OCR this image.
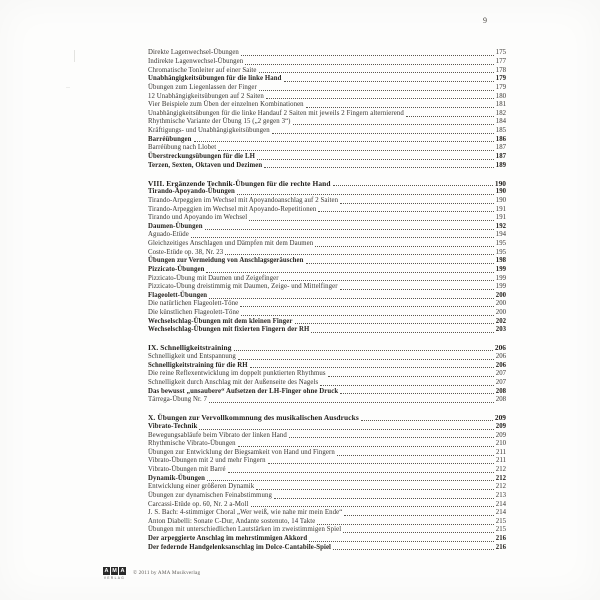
9
Direkte Lagenwechsel-Übungen	175
Indirekte Lagenwechsel-Übungen	177
Chromatische Tonleiter auf einer Saite	178
Unabhängigkeitsübungen für die linke Hand	179
Übungen zum Liegenlassen der Finger	179
12 Unabhängigkeitsübungen auf 2 Saiten	180
Vier Beispiele zum Üben der einzelnen Kombinationen	181
Unabhängigkeitsübungen für die linke Handauf 2 Saiten mit jeweils 2 Fingern alternierend	182
Rhythmische Variante der Übung 15 („2 gegen 3“)	184
Kräftigungs- und Unabhängigkeitsübungen	185
Barréübungen	186
Barréübung nach Llobet	187
Überstreckungsübungen für die LH	187
Terzen, Sexten, Oktaven und Dezimen	189
VIII. Ergänzende Technik-Übungen für die rechte Hand	190
Tirando-Apoyando-Übungen	190
Tirando-Arpeggien im Wechsel mit Apoyandoanschlag auf 2 Saiten	190
Tirando-Arpeggien im Wechsel mit Apoyando-Repetitionen	191
Tirando und Apoyando im Wechsel	191
Daumen-Übungen	192
Aguado-Etüde	194
Gleichzeitiges Anschlagen und Dämpfen mit dem Daumen	195
Coste-Etüde op. 38, Nr. 23	195
Übungen zur Vermeidung von Anschlagsgeräuschen	198
Pizzicato-Übungen	199
Pizzicato-Übung mit Daumen und Zeigefinger	199
Pizzicato-Übung dreistimmig mit Daumen, Zeige- und Mittelfinger	199
Flageolett-Übungen	200
Die natürlichen Flageolett-Töne	200
Die künstlichen Flageolett-Töne	200
Wechselschlag-Übungen mit dem kleinen Finger	202
Wechselschlag-Übungen mit fixierten Fingern der RH	203
IX. Schnelligkeitstraining	206
Schnelligkeit und Entspannung	206
Schnelligkeitstraining für die RH	206
Die reine Reflexentwicklung im doppelt punktierten Rhythmus	207
Schnelligkeit durch Anschlag mit der Außenseite des Nagels	207
Das bewusst „unsaubere“ Aufsetzen der LH-Finger ohne Druck	208
Tárrega-Übung Nr. 7	208
X. Übungen zur Vervollkommnung des musikalischen Ausdrucks	209
Vibrato-Technik	209
Bewegungsabläufe beim Vibrato der linken Hand	209
Rhythmische Vibrato-Übungen	210
Übungen zur Entwicklung der Biegsamkeit von Hand und Fingern	211
Vibrato-Übungen mit 2 und mehr Fingern	211
Vibrato-Übungen mit Barré	212
Dynamik-Übungen	212
Entwicklung einer größeren Dynamik	212
Übungen zur dynamischen Feinabstimmung	213
Carcassi-Etüde op. 60, Nr. 2 a-Moll	214
J. S. Bach: 4-stimmiger Choral „Wer weiß, wie nahe mir mein Ende“	214
Anton Diabelli: Sonate C-Dur, Andante sostenuto, 14 Takte	215
Übungen mit unterschiedlichen Lautstärken im zweistimmigen Spiel	215
Der arpeggierte Anschlag im mehrstimmigen Akkord	216
Der federnde Handgelenksanschlag im Dolce-Cantabile-Spiel	216
A M A
VERLAG
© 2011 by AMA Musikverlag
